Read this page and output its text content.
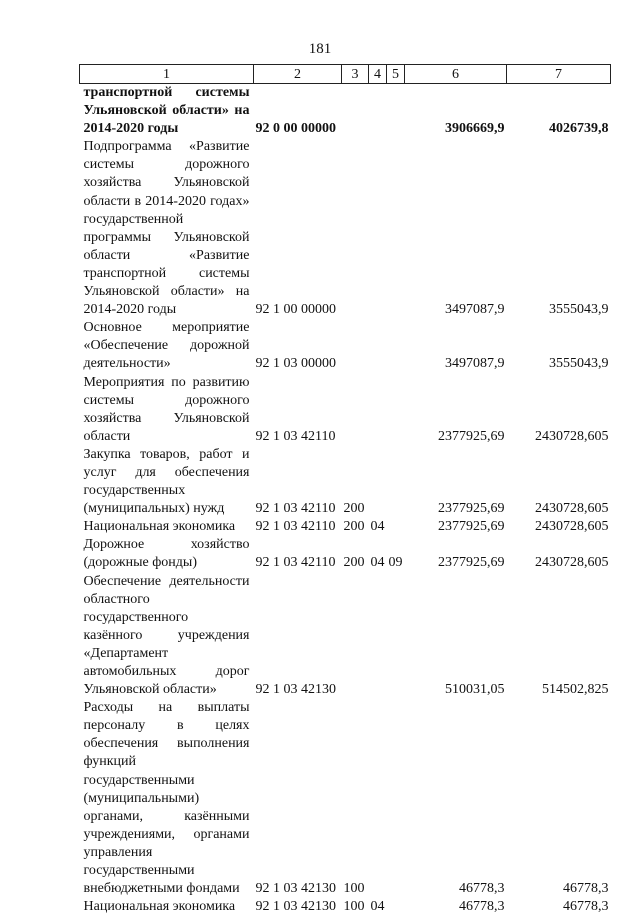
181
1	2	3	4	5	6	7
транспортной системы Ульяновской области» на 2014-2020 годы	92 0 00 00000				3906669,9	4026739,8
Подпрограмма «Развитие системы дорожного хозяйства Ульяновской области в 2014-2020 годах» государственной программы Ульяновской области «Развитие транспортной системы Ульяновской области» на 2014-2020 годы	92 1 00 00000				3497087,9	3555043,9
Основное мероприятие «Обеспечение дорожной деятельности»	92 1 03 00000				3497087,9	3555043,9
Мероприятия по развитию системы дорожного хозяйства Ульяновской области	92 1 03 42110				2377925,69	2430728,605
Закупка товаров, работ и услуг для обеспечения государственных (муниципальных) нужд	92 1 03 42110	200			2377925,69	2430728,605
Национальная экономика	92 1 03 42110	200	04		2377925,69	2430728,605
Дорожное хозяйство (дорожные фонды)	92 1 03 42110	200	04	09	2377925,69	2430728,605
Обеспечение деятельности областного государственного казённого учреждения «Департамент автомобильных дорог Ульяновской области»	92 1 03 42130				510031,05	514502,825
Расходы на выплаты персоналу в целях обеспечения выполнения функций государственными (муниципальными) органами, казёнными учреждениями, органами управления государственными внебюджетными фондами	92 1 03 42130	100			46778,3	46778,3
Национальная экономика	92 1 03 42130	100	04		46778,3	46778,3
